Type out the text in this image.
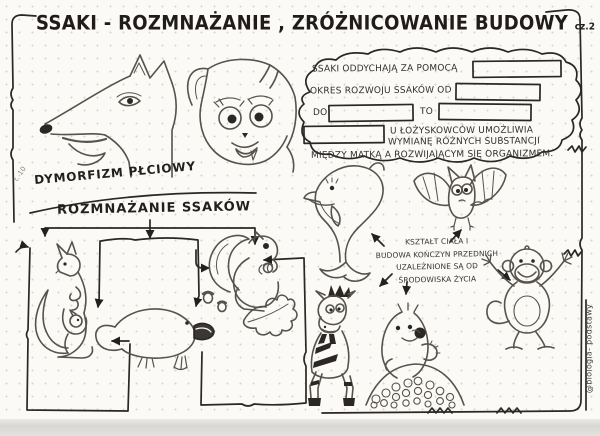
SSAKI - ROZMNAŻANIE , ZRÓŻNICOWANIE BUDOWY cz.2
DYMORFIZM PŁCIOWY
ROZMNAŻANIE SSAKÓW
SSAKI ODDYCHAJĄ ZA POMOCĄ
OKRES ROZWOJU SSAKÓW OD
DO	TO
U ŁOŻYSKOWCÓW UMOŻLIWIA
WYMIANĘ RÓŻNYCH SUBSTANCJI
MIĘDZY MATKĄ A ROZWIJAJĄCYM SIĘ ORGANIZMEM.
KSZTAŁT CIAŁA I
BUDOWA KOŃCZYN PRZEDNICH
UZALEŻNIONE SĄ OD
ŚRODOWISKA ŻYCIA
@biologia- podstawy
t. 10
